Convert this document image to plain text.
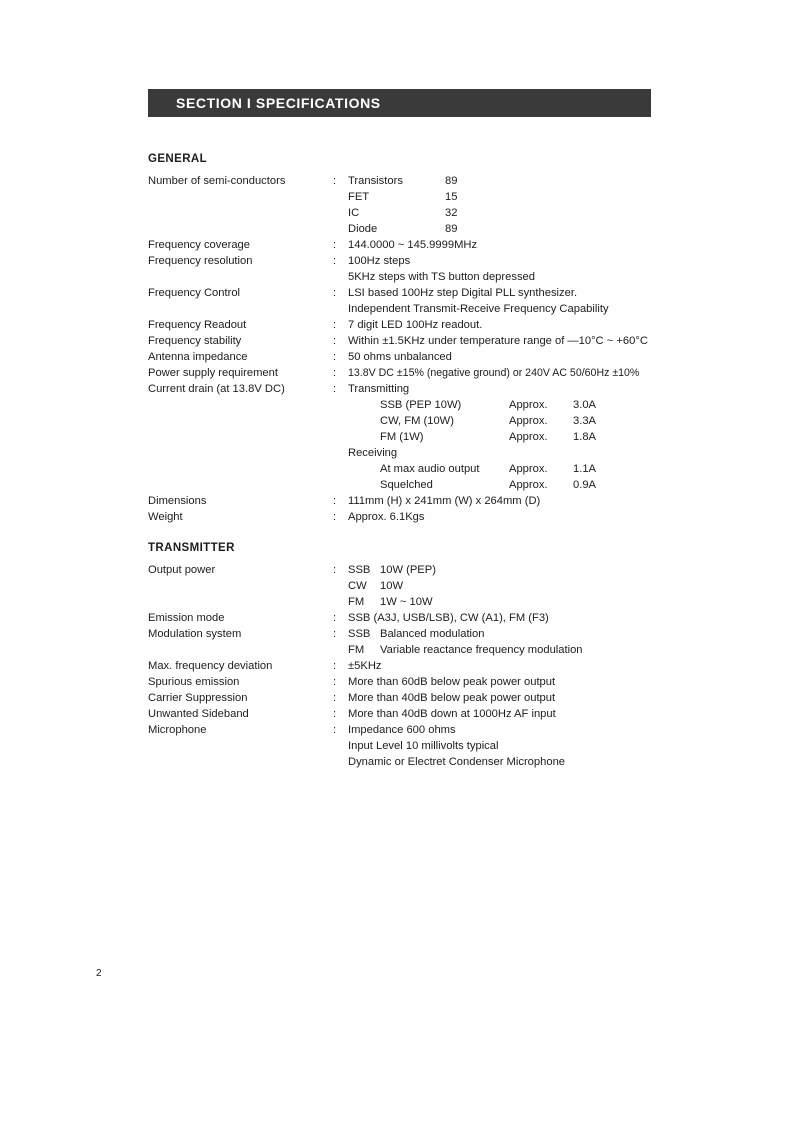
SECTION I SPECIFICATIONS
GENERAL
Number of semi-conductors	: Transistors	89
FET	15
IC	32
Diode	89
Frequency coverage	: 144.0000 ~ 145.9999MHz
Frequency resolution	: 100Hz steps
5KHz steps with TS button depressed
Frequency Control	: LSI based 100Hz step Digital PLL synthesizer.
Independent Transmit-Receive Frequency Capability
Frequency Readout	: 7 digit LED 100Hz readout.
Frequency stability	: Within ±1.5KHz under temperature range of —10°C ~ +60°C
Antenna impedance	: 50 ohms unbalanced
Power supply requirement	: 13.8V DC ±15% (negative ground) or 240V AC 50/60Hz ±10%
Current drain (at 13.8V DC)	: Transmitting
SSB (PEP 10W)	Approx. 3.0A
CW, FM (10W)	Approx. 3.3A
FM (1W)	Approx. 1.8A
Receiving
At max audio output	Approx. 1.1A
Squelched	Approx. 0.9A
Dimensions	: 111mm (H) x 241mm (W) x 264mm (D)
Weight	: Approx. 6.1Kgs
TRANSMITTER
Output power	: SSB 10W (PEP)
CW 10W
FM 1W ~ 10W
Emission mode	: SSB (A3J, USB/LSB), CW (A1), FM (F3)
Modulation system	: SSB Balanced modulation
FM Variable reactance frequency modulation
Max. frequency deviation	: ±5KHz
Spurious emission	: More than 60dB below peak power output
Carrier Suppression	: More than 40dB below peak power output
Unwanted Sideband	: More than 40dB down at 1000Hz AF input
Microphone	: Impedance 600 ohms
Input Level 10 millivolts typical
Dynamic or Electret Condenser Microphone
2
